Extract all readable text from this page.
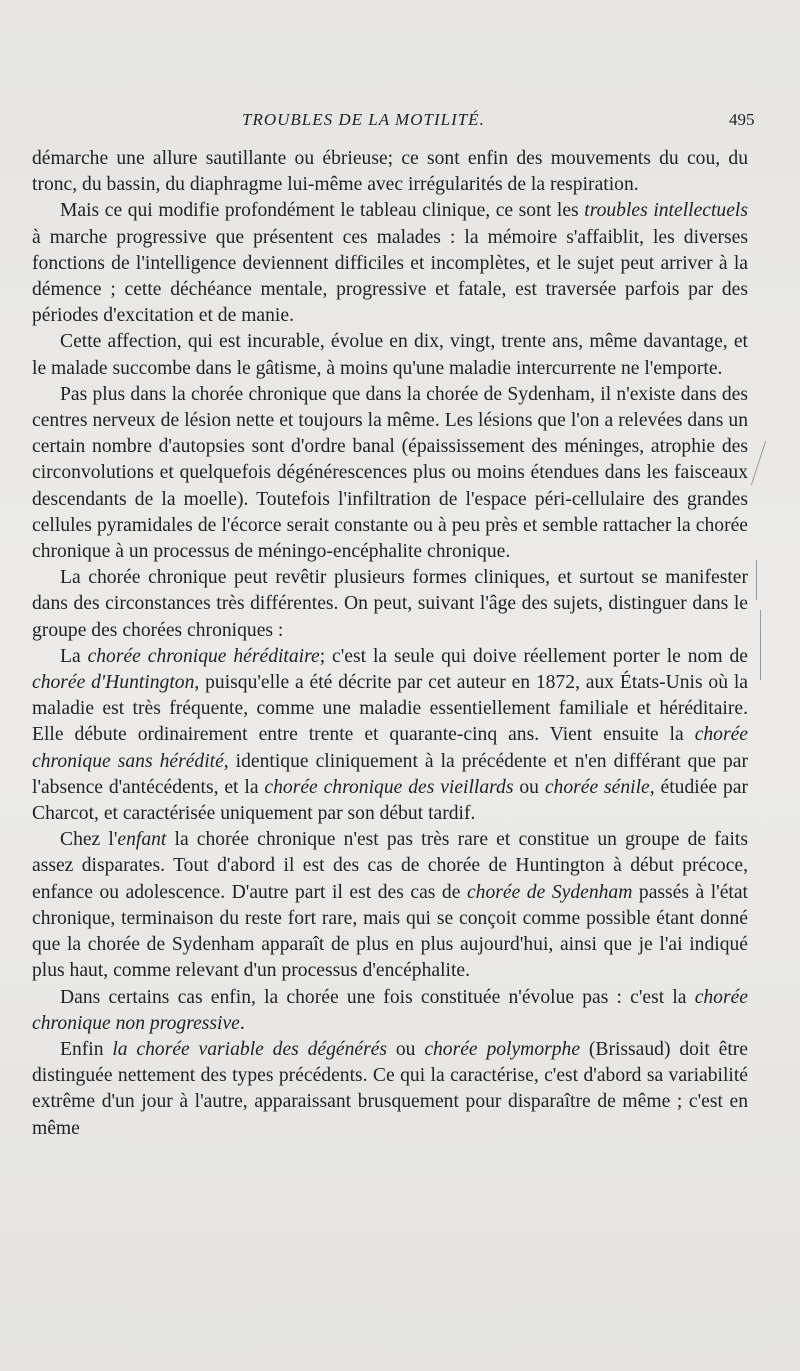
TROUBLES DE LA MOTILITÉ.	495

démarche une allure sautillante ou ébrieuse; ce sont enfin des mouvements du cou, du tronc, du bassin, du diaphragme lui-même avec irrégularités de la respiration.

Mais ce qui modifie profondément le tableau clinique, ce sont les troubles intellectuels à marche progressive que présentent ces malades : la mémoire s'affaiblit, les diverses fonctions de l'intelligence deviennent difficiles et incomplètes, et le sujet peut arriver à la démence ; cette déchéance mentale, progressive et fatale, est traversée parfois par des périodes d'excitation et de manie.

Cette affection, qui est incurable, évolue en dix, vingt, trente ans, même davantage, et le malade succombe dans le gâtisme, à moins qu'une maladie intercurrente ne l'emporte.

Pas plus dans la chorée chronique que dans la chorée de Sydenham, il n'existe dans des centres nerveux de lésion nette et toujours la même. Les lésions que l'on a relevées dans un certain nombre d'autopsies sont d'ordre banal (épaississement des méninges, atrophie des circonvolutions et quelquefois dégénérescences plus ou moins étendues dans les faisceaux descendants de la moelle). Toutefois l'infiltration de l'espace péri-cellulaire des grandes cellules pyramidales de l'écorce serait constante ou à peu près et semble rattacher la chorée chronique à un processus de méningo-encéphalite chronique.

La chorée chronique peut revêtir plusieurs formes cliniques, et surtout se manifester dans des circonstances très différentes. On peut, suivant l'âge des sujets, distinguer dans le groupe des chorées chroniques :

La chorée chronique héréditaire; c'est la seule qui doive réellement porter le nom de chorée d'Huntington, puisqu'elle a été décrite par cet auteur en 1872, aux États-Unis où la maladie est très fréquente, comme une maladie essentiellement familiale et héréditaire. Elle débute ordinairement entre trente et quarante-cinq ans. Vient ensuite la chorée chronique sans hérédité, identique cliniquement à la précédente et n'en différant que par l'absence d'antécédents, et la chorée chronique des vieillards ou chorée sénile, étudiée par Charcot, et caractérisée uniquement par son début tardif.

Chez l'enfant la chorée chronique n'est pas très rare et constitue un groupe de faits assez disparates. Tout d'abord il est des cas de chorée de Huntington à début précoce, enfance ou adolescence. D'autre part il est des cas de chorée de Sydenham passés à l'état chronique, terminaison du reste fort rare, mais qui se conçoit comme possible étant donné que la chorée de Sydenham apparaît de plus en plus aujourd'hui, ainsi que je l'ai indiqué plus haut, comme relevant d'un processus d'encéphalite.

Dans certains cas enfin, la chorée une fois constituée n'évolue pas : c'est la chorée chronique non progressive.

Enfin la chorée variable des dégénérés ou chorée polymorphe (Brissaud) doit être distinguée nettement des types précédents. Ce qui la caractérise, c'est d'abord sa variabilité extrême d'un jour à l'autre, apparaissant brusquement pour disparaître de même ; c'est en même
